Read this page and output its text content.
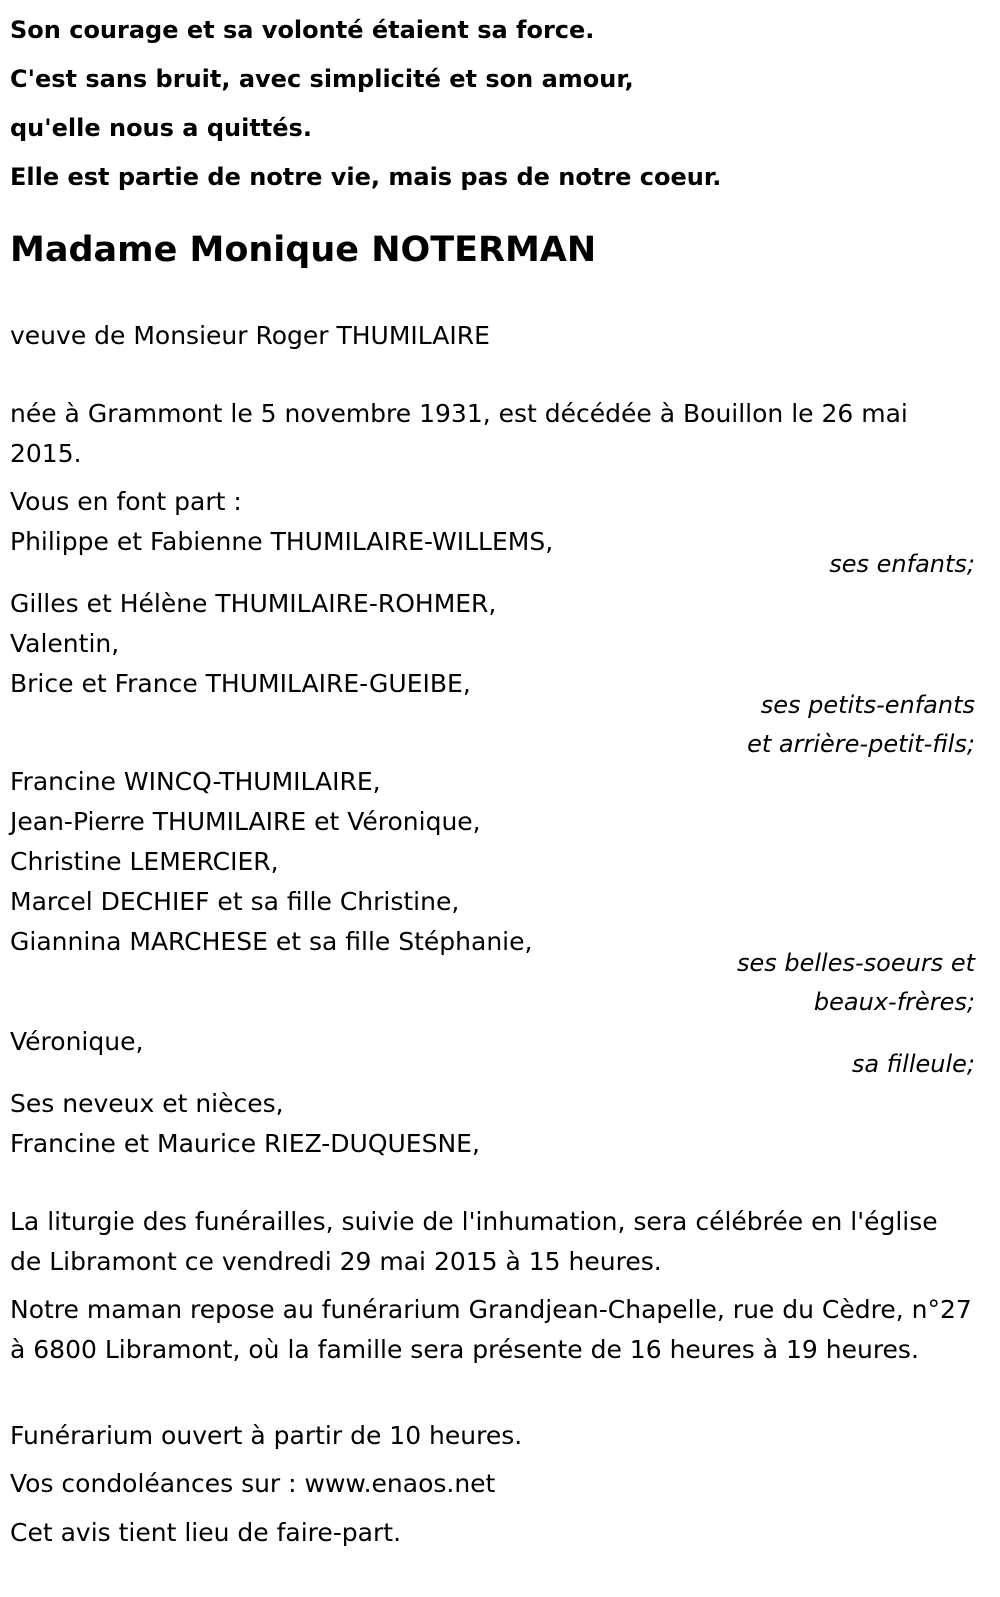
Son courage et sa volonté étaient sa force.
C'est sans bruit, avec simplicité et son amour,
qu'elle nous a quittés.
Elle est partie de notre vie, mais pas de notre coeur.
Madame Monique NOTERMAN
veuve de Monsieur Roger THUMILAIRE
née à Grammont le 5 novembre 1931, est décédée à Bouillon le 26 mai 2015.
Vous en font part :
Philippe et Fabienne THUMILAIRE-WILLEMS,
ses enfants;
Gilles et Hélène THUMILAIRE-ROHMER,
Valentin,
Brice et France THUMILAIRE-GUEIBE,
ses petits-enfants
et arrière-petit-fils;
Francine WINCQ-THUMILAIRE,
Jean-Pierre THUMILAIRE et Véronique,
Christine LEMERCIER,
Marcel DECHIEF et sa fille Christine,
Giannina MARCHESE et sa fille Stéphanie,
ses belles-soeurs et
beaux-frères;
Véronique,
sa filleule;
Ses neveux et nièces,
Francine et Maurice RIEZ-DUQUESNE,
La liturgie des funérailles, suivie de l'inhumation, sera célébrée en l'église de Libramont ce vendredi 29 mai 2015 à 15 heures.
Notre maman repose au funérarium Grandjean-Chapelle, rue du Cèdre, n°27 à 6800 Libramont, où la famille sera présente de 16 heures à 19 heures.
Funérarium ouvert à partir de 10 heures.
Vos condoléances sur : www.enaos.net
Cet avis tient lieu de faire-part.
